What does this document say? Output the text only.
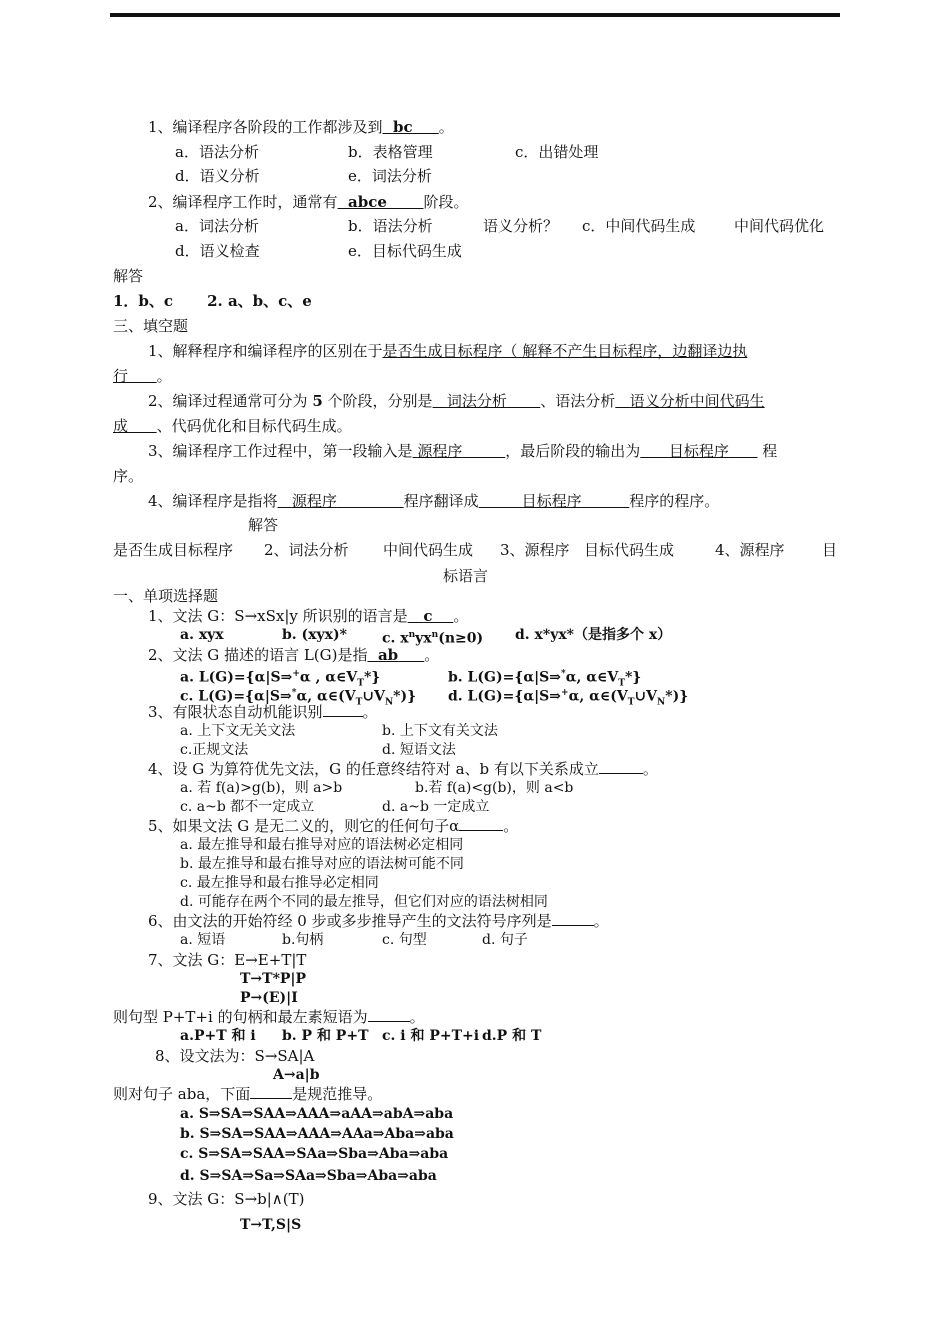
1、编译程序各阶段的工作都涉及到 bc 。
a．语法分析	b．表格管理	c．出错处理
d．语义分析	e．词法分析
2、编译程序工作时，通常有 abce 阶段。
a．词法分析	b．语法分析	语义分析？ c．中间代码生成	中间代码优化
d．语义检查	e．目标代码生成
解答
1．b、c 2. a、b、c、e
三、填空题
1、解释程序和编译程序的区别在于是否生成目标程序（ 解释不产生目标程序，边翻译边执
行 。
2、编译过程通常可分为 5 个阶段，分别是 词法分析 、语法分析 语义分析中间代码生
成 、代码优化和目标代码生成。
3、编译程序工作过程中，第一段输入是 源程序	，最后阶段的输出为 目标程序 程
序。
4、编译程序是指将 源程序	程序翻译成	目标程序	程序的程序。
解答
是否生成目标程序 2、词法分析 中间代码生成 3、源程序 目标代码生成	4、源程序 目
标语言
一、单项选择题
1、文法 G：S→xSx|y 所识别的语言是 c 。
a. xyx	b. (xyx)*	c. $x^nyx^n(n\ge 0)$ d. x*yx*（是指多个 x）
2、文法 G 描述的语言 L(G)是指 ab 。
a. L(G)={α|S⇒+α , $\alpha\in V_T*$}	b. L(G)={α|S⇒*α, $\alpha\in V_T*$}
c. L(G)={α|S⇒*α, $\alpha\in(V_T\cup V_N*)$} d. L(G)={α|S⇒+α, $\alpha\in(V_T\cup V_N*)$}
3、有限状态自动机能识别	。
a. 上下文无关文法	b. 上下文有关文法
c.正规文法	d. 短语文法
4、设 G 为算符优先文法，G 的任意终结符对 a、b 有以下关系成立	。
a. 若 f(a)>g(b)，则 a>b	b.若 f(a)<g(b)，则 a<b
c. a~b 都不一定成立	d. a~b 一定成立
5、如果文法 G 是无二义的，则它的任何句子α	。
a. 最左推导和最右推导对应的语法树必定相同
b. 最左推导和最右推导对应的语法树可能不同
c. 最左推导和最右推导必定相同
d. 可能存在两个不同的最左推导，但它们对应的语法树相同
6、由文法的开始符经 0 步或多步推导产生的文法符号序列是	。
a. 短语	b.句柄	c. 句型	d. 句子
7、文法 G：E→E+T|T
T→T*P|P
P→(E)|I
则句型 P+T+i 的句柄和最左素短语为	。
a.P+T 和 i b. P 和 P+T c. i 和 P+T+i d.P 和 T
8、设文法为：S→SA|A
A→a|b
则对句子 aba，下面	是规范推导。
a. S⇒SA⇒SAA⇒AAA⇒aAA⇒abA⇒aba
b. S⇒SA⇒SAA⇒AAA⇒AAa⇒Aba⇒aba
c. S⇒SA⇒SAA⇒SAa⇒Sba⇒Aba⇒aba
d. S⇒SA⇒Sa⇒SAa⇒Sba⇒Aba⇒aba
9、文法 G：S→b|∧(T)
T→T,S|S
